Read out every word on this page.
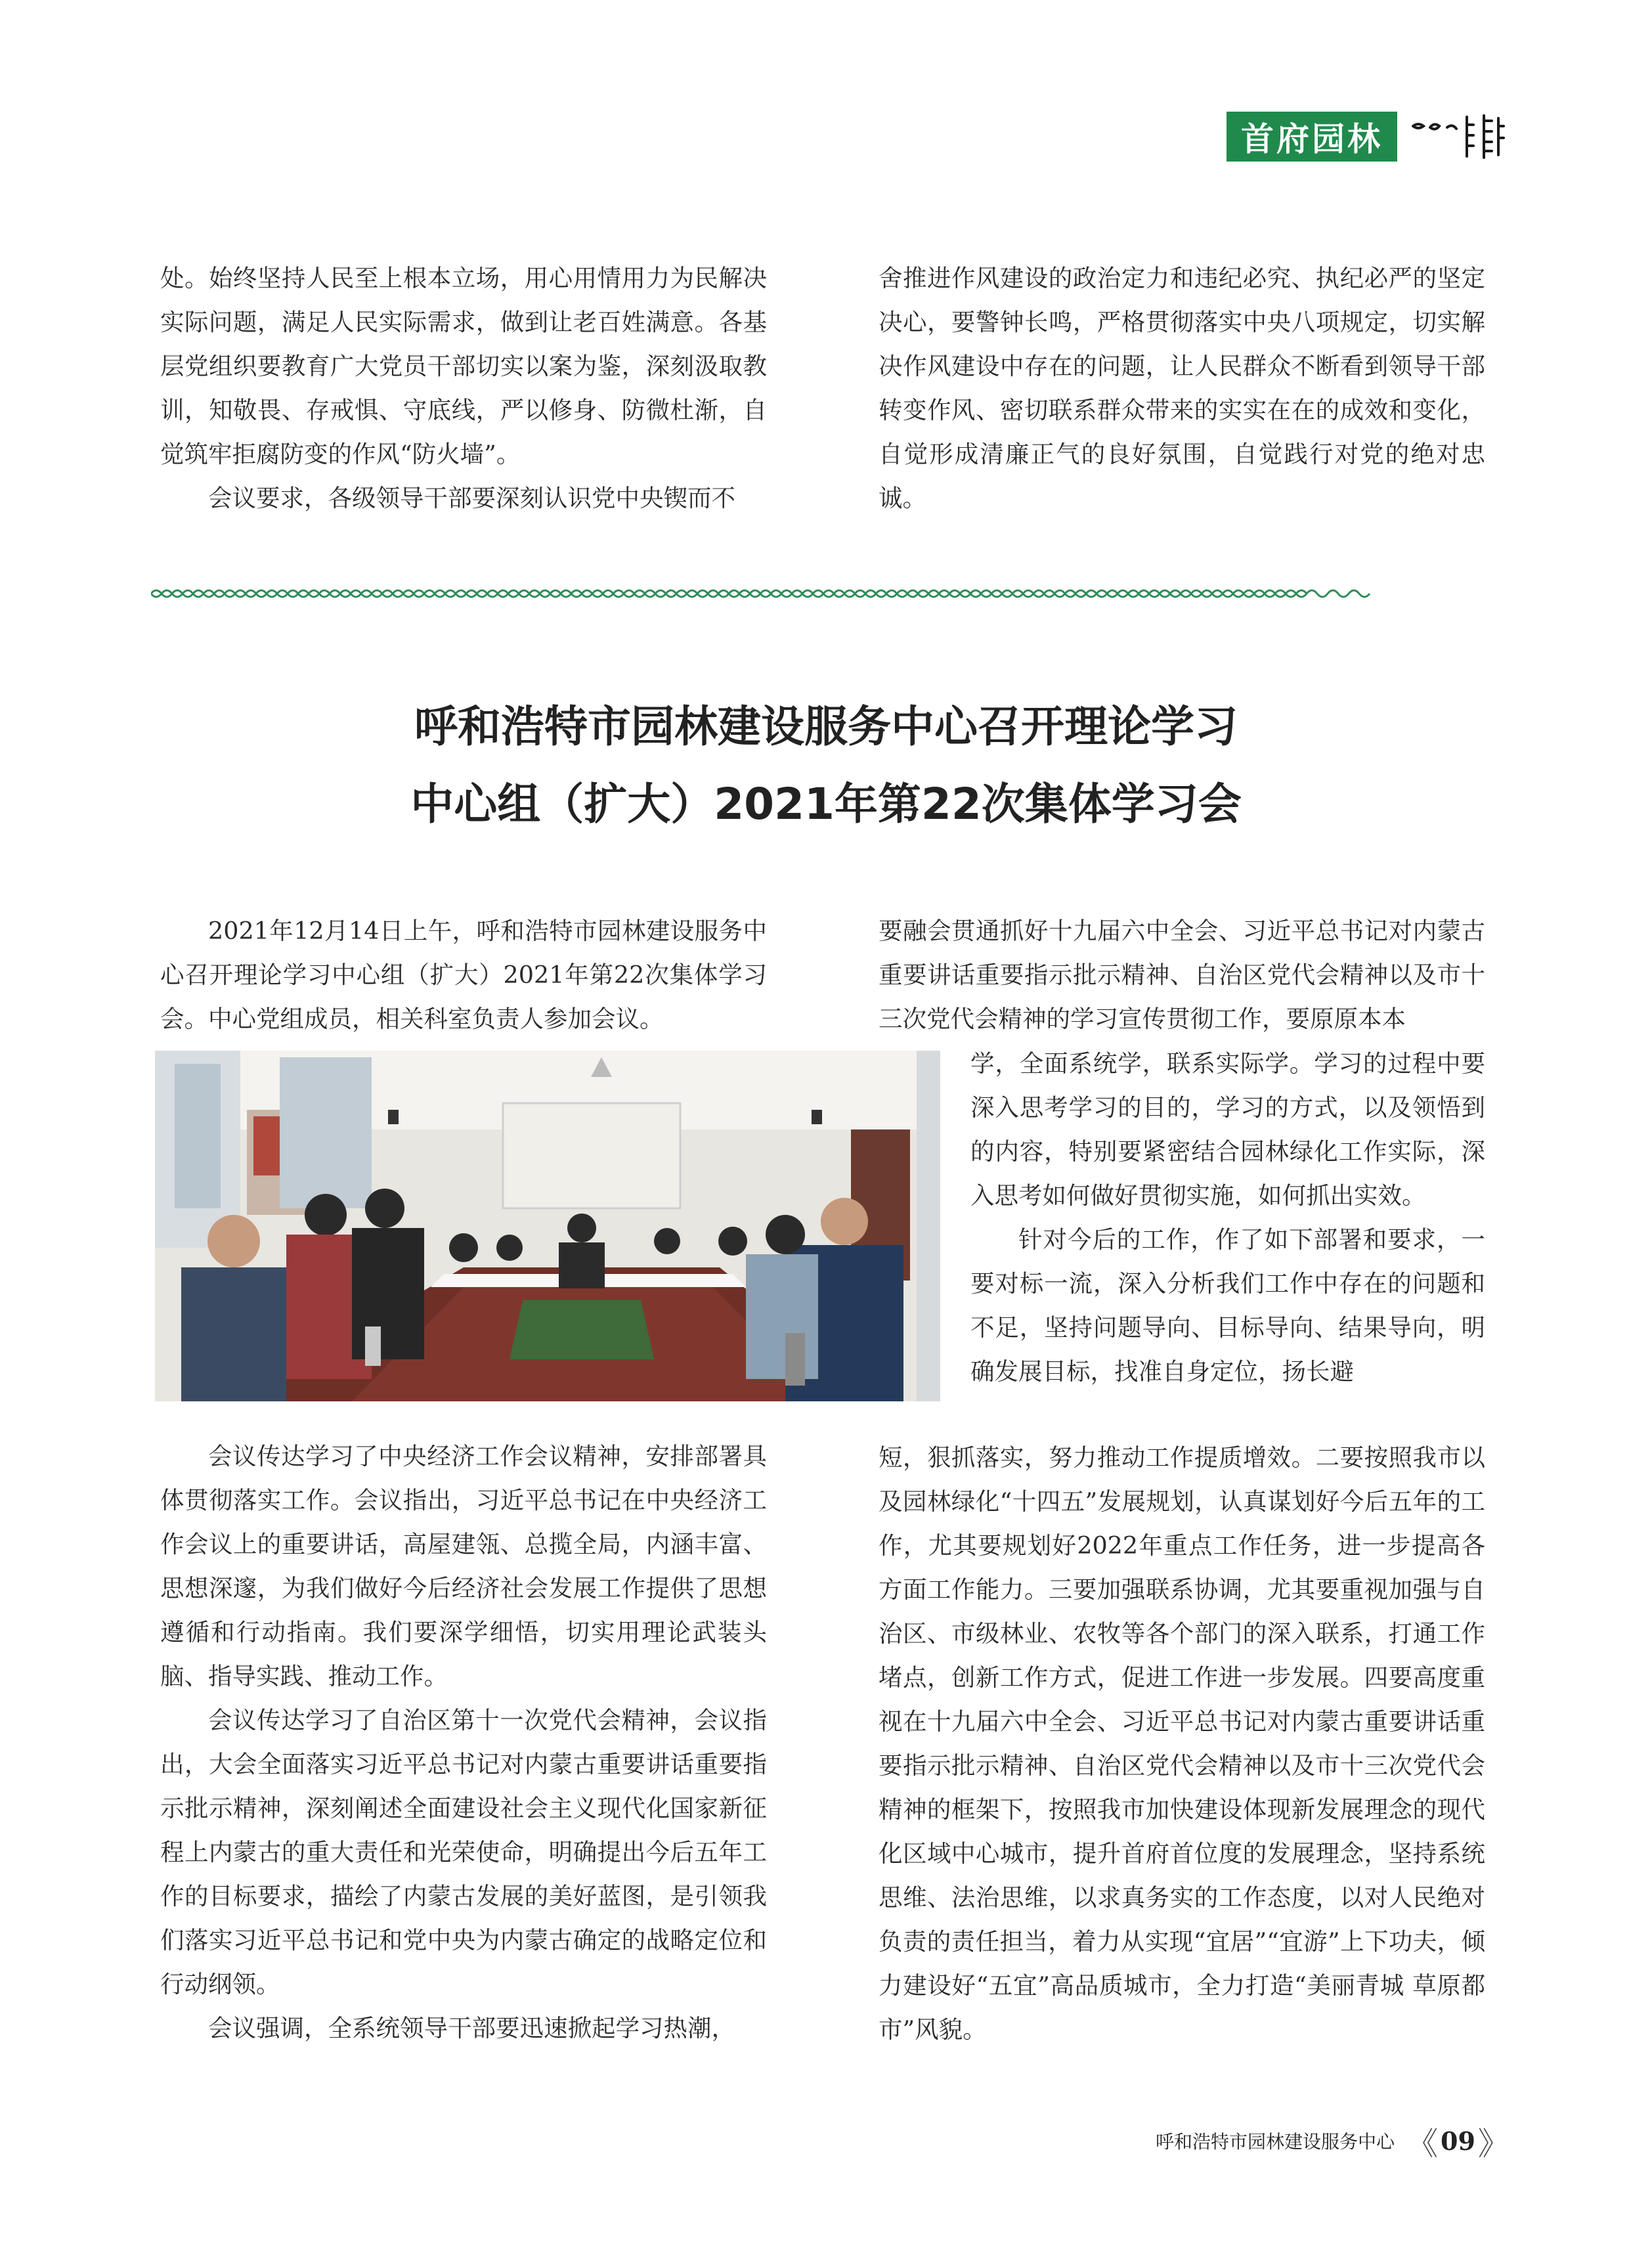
首府园林

处。始终坚持人民至上根本立场，用心用情用力为民解决实际问题，满足人民实际需求，做到让老百姓满意。各基层党组织要教育广大党员干部切实以案为鉴，深刻汲取教训，知敬畏、存戒惧、守底线，严以修身、防微杜渐，自觉筑牢拒腐防变的作风“防火墙”。

会议要求，各级领导干部要深刻认识党中央锲而不

舍推进作风建设的政治定力和违纪必究、执纪必严的坚定决心，要警钟长鸣，严格贯彻落实中央八项规定，切实解决作风建设中存在的问题，让人民群众不断看到领导干部转变作风、密切联系群众带来的实实在在的成效和变化，自觉形成清廉正气的良好氛围，自觉践行对党的绝对忠诚。

呼和浩特市园林建设服务中心召开理论学习
中心组（扩大）2021年第22次集体学习会

2021年12月14日上午，呼和浩特市园林建设服务中心召开理论学习中心组（扩大）2021年第22次集体学习会。中心党组成员，相关科室负责人参加会议。

会议传达学习了中央经济工作会议精神，安排部署具体贯彻落实工作。会议指出，习近平总书记在中央经济工作会议上的重要讲话，高屋建瓴、总揽全局，内涵丰富、思想深邃，为我们做好今后经济社会发展工作提供了思想遵循和行动指南。我们要深学细悟，切实用理论武装头脑、指导实践、推动工作。

会议传达学习了自治区第十一次党代会精神，会议指出，大会全面落实习近平总书记对内蒙古重要讲话重要指示批示精神，深刻阐述全面建设社会主义现代化国家新征程上内蒙古的重大责任和光荣使命，明确提出今后五年工作的目标要求，描绘了内蒙古发展的美好蓝图，是引领我们落实习近平总书记和党中央为内蒙古确定的战略定位和行动纲领。

会议强调，全系统领导干部要迅速掀起学习热潮，

要融会贯通抓好十九届六中全会、习近平总书记对内蒙古重要讲话重要指示批示精神、自治区党代会精神以及市十三次党代会精神的学习宣传贯彻工作，要原原本本

学，全面系统学，联系实际学。学习的过程中要深入思考学习的目的，学习的方式，以及领悟到的内容，特别要紧密结合园林绿化工作实际，深入思考如何做好贯彻实施，如何抓出实效。

针对今后的工作，作了如下部署和要求，一要对标一流，深入分析我们工作中存在的问题和不足，坚持问题导向、目标导向、结果导向，明确发展目标，找准自身定位，扬长避

短，狠抓落实，努力推动工作提质增效。二要按照我市以及园林绿化“十四五”发展规划，认真谋划好今后五年的工作，尤其要规划好2022年重点工作任务，进一步提高各方面工作能力。三要加强联系协调，尤其要重视加强与自治区、市级林业、农牧等各个部门的深入联系，打通工作堵点，创新工作方式，促进工作进一步发展。四要高度重视在十九届六中全会、习近平总书记对内蒙古重要讲话重要指示批示精神、自治区党代会精神以及市十三次党代会精神的框架下，按照我市加快建设体现新发展理念的现代化区域中心城市，提升首府首位度的发展理念，坚持系统思维、法治思维，以求真务实的工作态度，以对人民绝对负责的责任担当，着力从实现“宜居”“宜游”上下功夫，倾力建设好“五宜”高品质城市，全力打造“美丽青城 草原都市”风貌。

呼和浩特市园林建设服务中心 《 09 》
